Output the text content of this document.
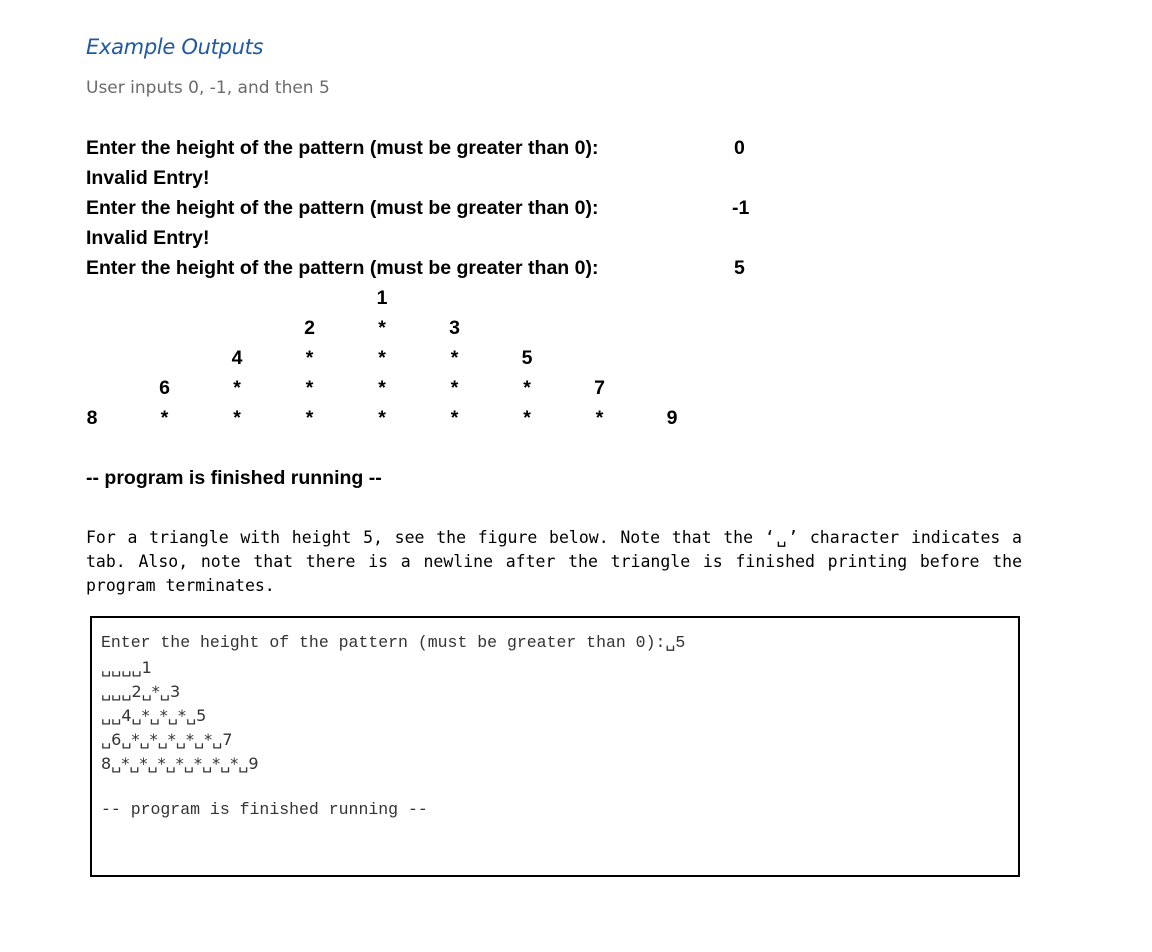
Example Outputs
User inputs 0, -1, and then 5
Enter the height of the pattern (must be greater than 0):	0
Invalid Entry!
Enter the height of the pattern (must be greater than 0):	-1
Invalid Entry!
Enter the height of the pattern (must be greater than 0):	5
1
2	*	3
4	*	*	*	5
6	*	*	*	*	*	7
8	*	*	*	*	*	*	*	9
-- program is finished running --
For a triangle with height 5, see the figure below. Note that the ‘␣’ character indicates a tab. Also, note that there is a newline after the triangle is finished printing before the program terminates.
Enter the height of the pattern (must be greater than 0):␣5
␣␣␣␣1
␣␣␣2␣*␣3
␣␣4␣*␣*␣*␣5
␣6␣*␣*␣*␣*␣*␣7
8␣*␣*␣*␣*␣*␣*␣*␣9
-- program is finished running --
